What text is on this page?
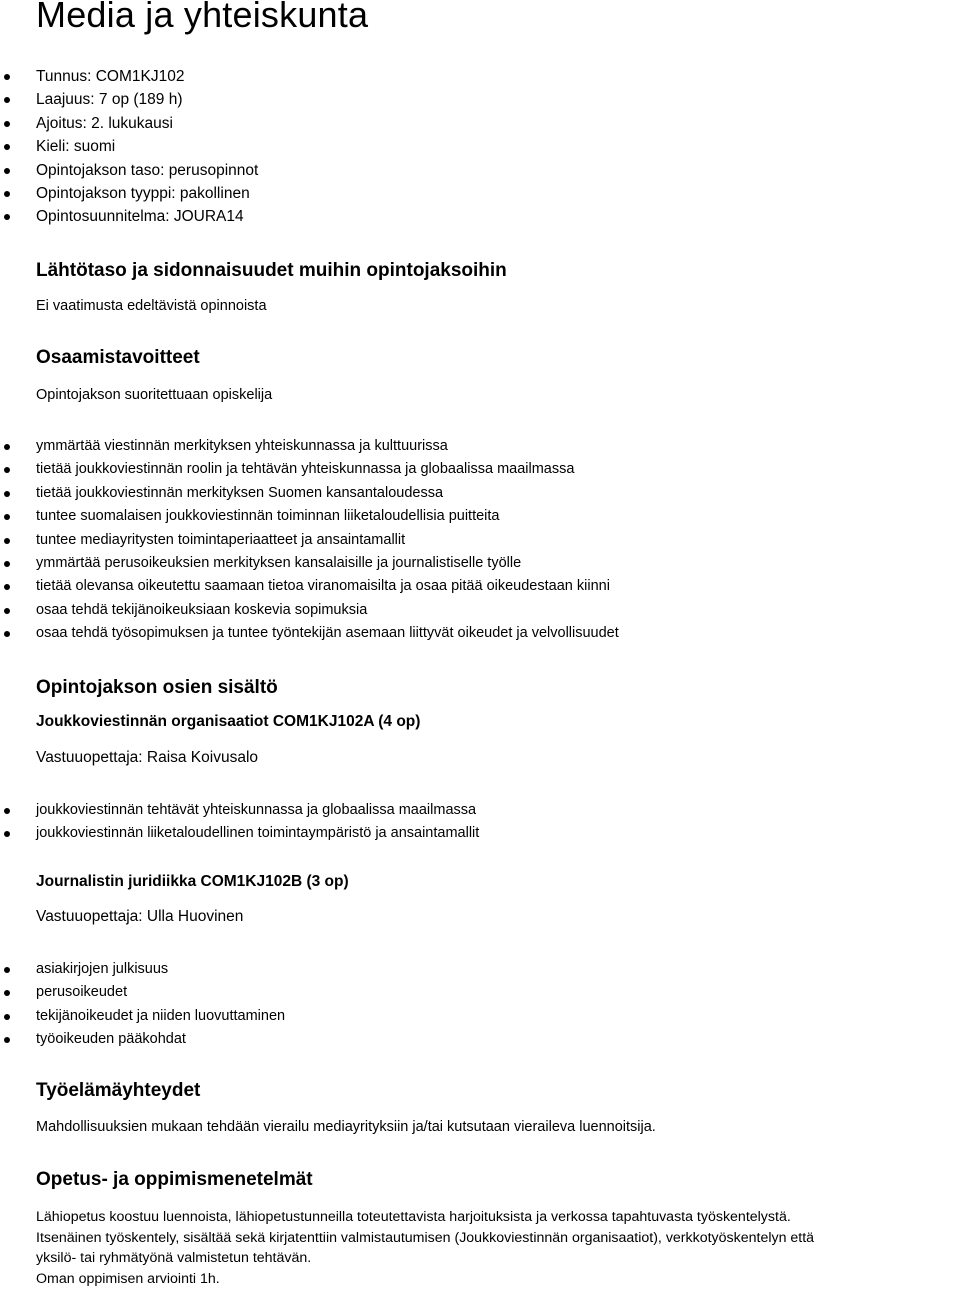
Media ja yhteiskunta
Tunnus: COM1KJ102
Laajuus: 7 op (189 h)
Ajoitus: 2. lukukausi
Kieli: suomi
Opintojakson taso: perusopinnot
Opintojakson tyyppi: pakollinen
Opintosuunnitelma: JOURA14
Lähtötaso ja sidonnaisuudet muihin opintojaksoihin

Ei vaatimusta edeltävistä opinnoista

Osaamistavoitteet

Opintojakson suoritettuaan opiskelija

ymmärtää viestinnän merkityksen yhteiskunnassa ja kulttuurissa
tietää joukkoviestinnän roolin ja tehtävän yhteiskunnassa ja globaalissa maailmassa
tietää joukkoviestinnän merkityksen Suomen kansantaloudessa
tuntee suomalaisen joukkoviestinnän toiminnan liiketaloudellisia puitteita
tuntee mediayritysten toimintaperiaatteet ja ansaintamallit
ymmärtää perusoikeuksien merkityksen kansalaisille ja journalistiselle työlle
tietää olevansa oikeutettu saamaan tietoa viranomaisilta ja osaa pitää oikeudestaan kiinni
osaa tehdä tekijänoikeuksiaan koskevia sopimuksia
osaa tehdä työsopimuksen ja tuntee työntekijän asemaan liittyvät oikeudet ja velvollisuudet
Opintojakson osien sisältö
Joukkoviestinnän organisaatiot COM1KJ102A (4 op)

Vastuuopettaja: Raisa Koivusalo

joukkoviestinnän tehtävät yhteiskunnassa ja globaalissa maailmassa
joukkoviestinnän liiketaloudellinen toimintaympäristö ja ansaintamallit
Journalistin juridiikka COM1KJ102B (3 op)

Vastuuopettaja: Ulla Huovinen

asiakirjojen julkisuus
perusoikeudet
tekijänoikeudet ja niiden luovuttaminen
työoikeuden pääkohdat
Työelämäyhteydet

Mahdollisuuksien mukaan tehdään vierailu mediayrityksiin ja/tai kutsutaan vieraileva luennoitsija.

Opetus- ja oppimismenetelmät
Lähiopetus koostuu luennoista, lähiopetustunneilla toteutettavista harjoituksista ja verkossa tapahtuvasta työskentelystä.
Itsenäinen työskentely, sisältää sekä kirjatenttiin valmistautumisen (Joukkoviestinnän organisaatiot), verkkotyöskentelyn että
yksilö- tai ryhmätyönä valmistetun tehtävän.
Oman oppimisen arviointi 1h.
